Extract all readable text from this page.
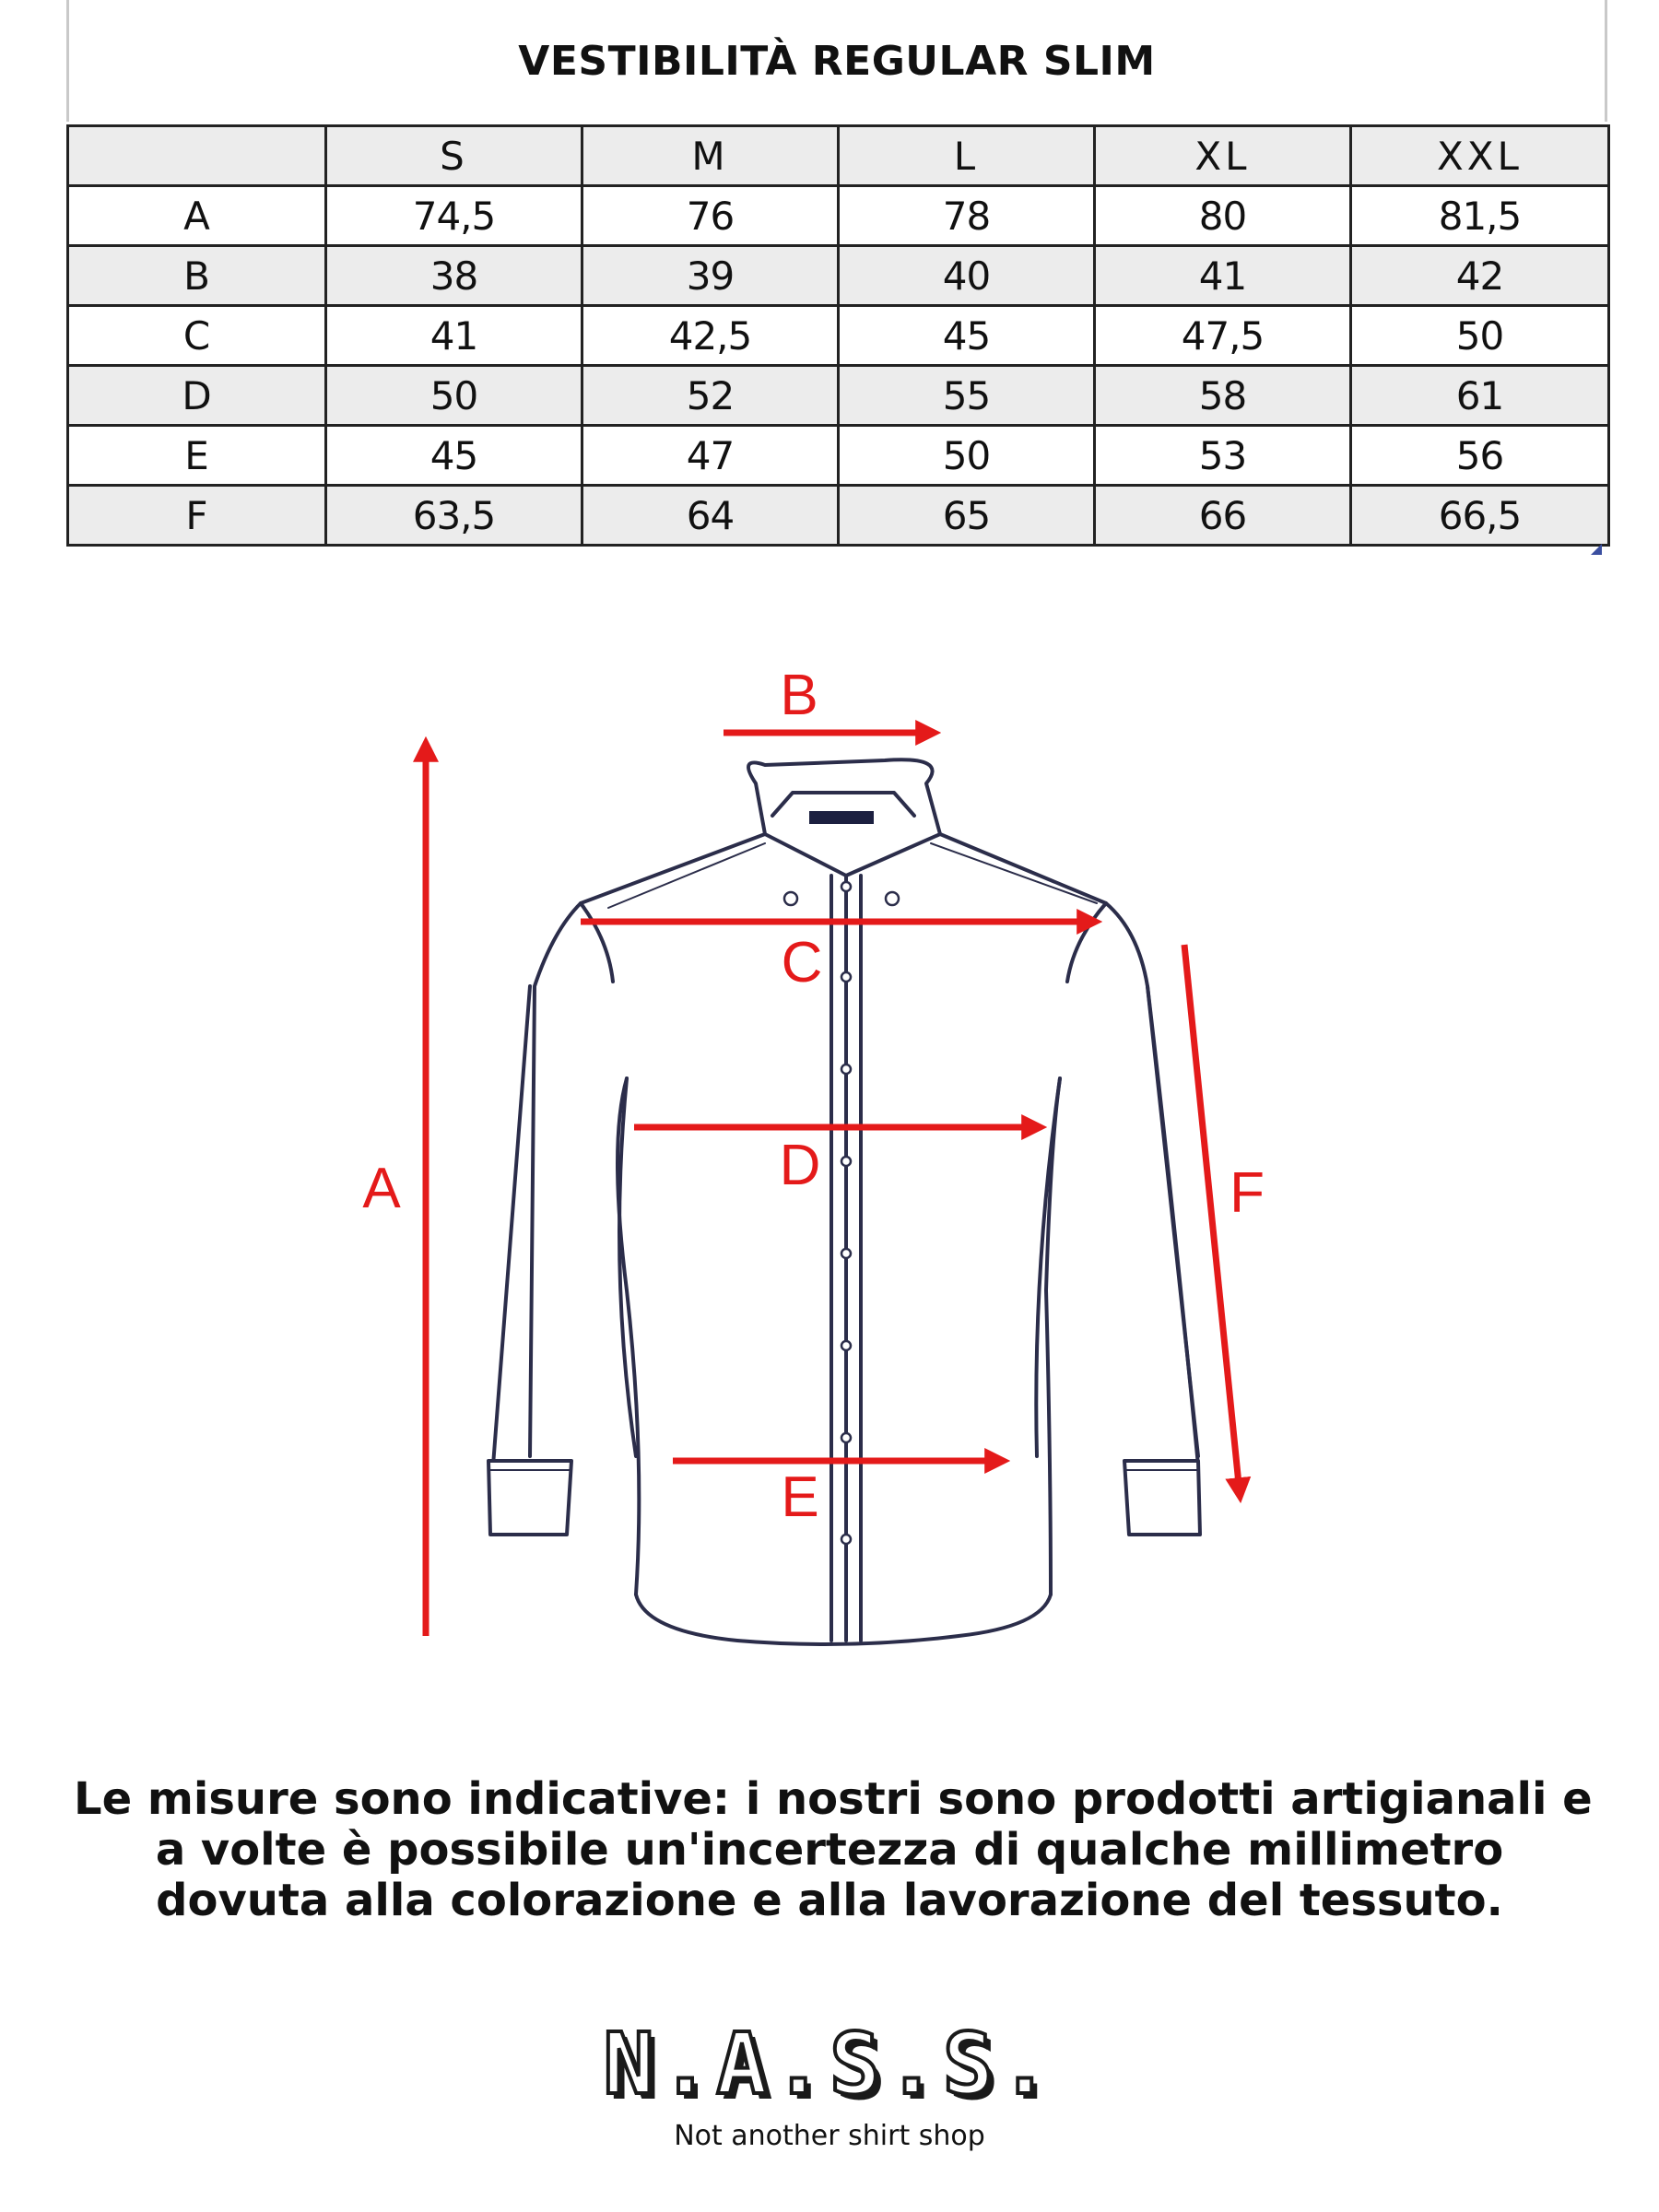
VESTIBILITÀ REGULAR SLIM
	S	M	L	XL	XXL
A	74,5	76	78	80	81,5
B	38	39	40	41	42
C	41	42,5	45	47,5	50
D	50	52	55	58	61
E	45	47	50	53	56
F	63,5	64	65	66	66,5
A
B
C
D
E
F
Le misure sono indicative: i nostri sono prodotti artigianali e
a volte è possibile un'incertezza di qualche millimetro
dovuta alla colorazione e alla lavorazione del tessuto.
N.A.S.S.
Not another shirt shop
